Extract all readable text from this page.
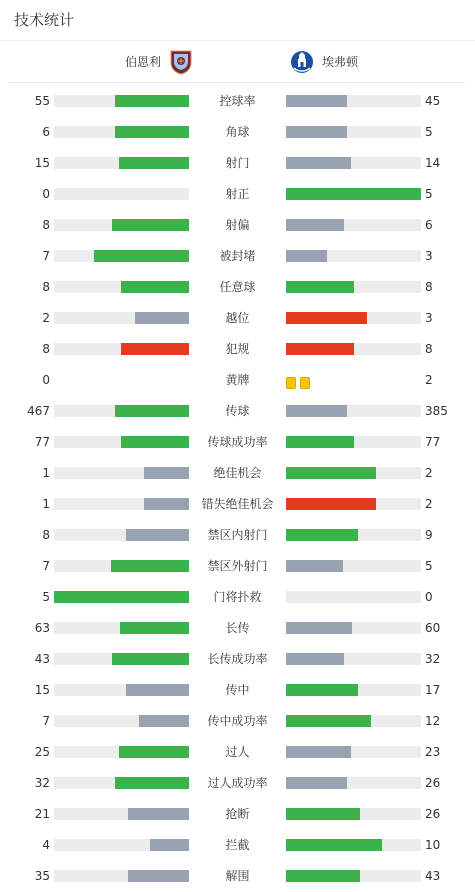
技术统计
伯恩利	埃弗顿
55	控球率	45
6	角球	5
15	射门	14
0	射正	5
8	射偏	6
7	被封堵	3
8	任意球	8
2	越位	3
8	犯规	8
0	黄牌	2
467	传球	385
77	传球成功率	77
1	绝佳机会	2
1	错失绝佳机会	2
8	禁区内射门	9
7	禁区外射门	5
5	门将扑救	0
63	长传	60
43	长传成功率	32
15	传中	17
7	传中成功率	12
25	过人	23
32	过人成功率	26
21	抢断	26
4	拦截	10
35	解围	43
